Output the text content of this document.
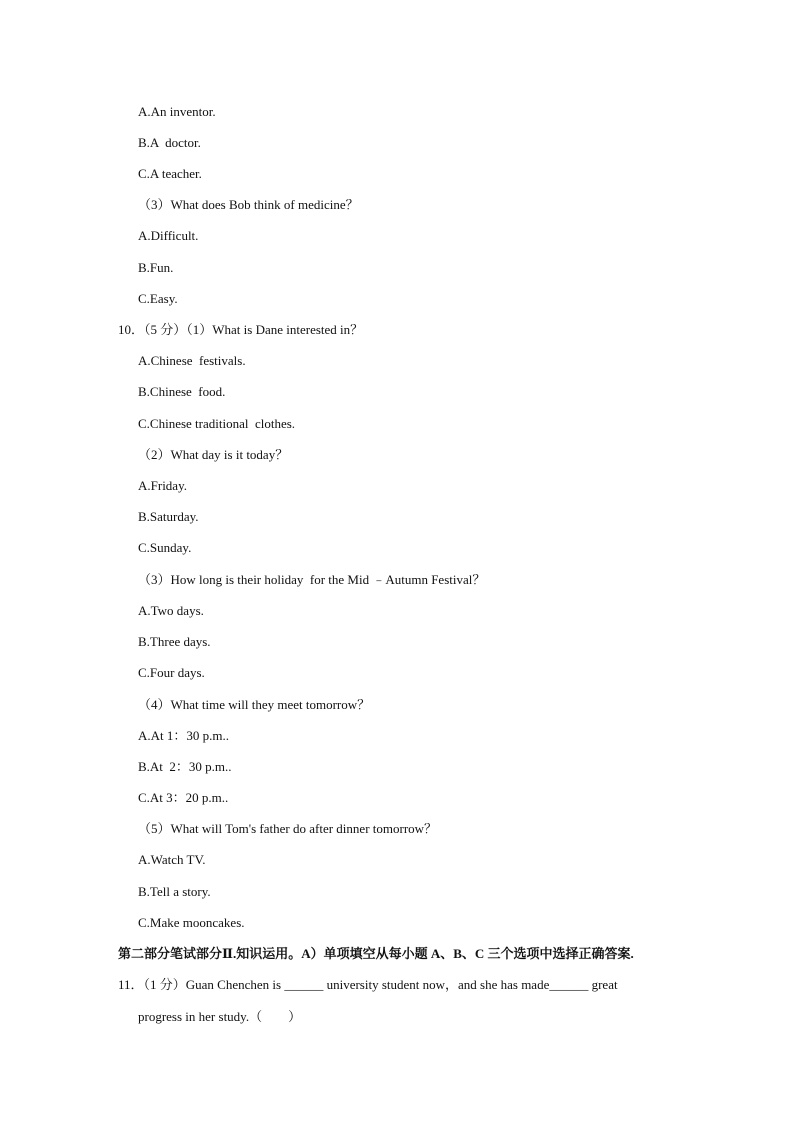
A.An inventor.
B.A  doctor.
C.A teacher.
（3）What does Bob think of medicine？
A.Difficult.
B.Fun.
C.Easy.
10．（5 分）（1）What is Dane interested in？
A.Chinese  festivals.
B.Chinese  food.
C.Chinese traditional  clothes.
（2）What day is it today？
A.Friday.
B.Saturday.
C.Sunday.
（3）How long is their holiday  for the Mid ﹣Autumn Festival？
A.Two days.
B.Three days.
C.Four days.
（4）What time will they meet tomorrow？
A.At 1：30 p.m..
B.At  2：30 p.m..
C.At 3：20 p.m..
（5）What will Tom's father do after dinner tomorrow？
A.Watch TV.
B.Tell a story.
C.Make mooncakes.
第二部分笔试部分Ⅱ.知识运用。A）单项填空从每小题 A、B、C 三个选项中选择正确答案.
11．（1 分）Guan Chenchen is ______ university student now，and she has made______ great
progress in her study.（　　）
